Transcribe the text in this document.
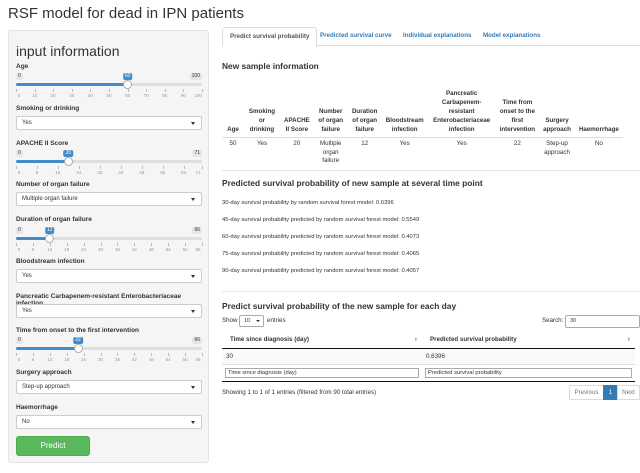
RSF model for dead in IPN patients
input information
Age
0	100
60
0	10	20	30	40	50	60	70	80	90 100
Smoking or drinking
Yes
APACHE II Score
0	71
20
0	8	16	24	32	40	48	56	64 71
Number of organ failure
Multiple organ failure
Duration of organ failure
0	66
12
0	6	12	18	24	30	36	42	48	54	60 66
Bloodstream infection
Yes
Pancreatic Carbapenem-resistant Enterobacteriaceae
Yes
Time from onset to the first intervention
0	66
22
0	6	12	18	24	30	36	42	48	54	60 66
Surgery approach
Step-up approach
Haemorrhage
No
Predict
Predict survival probability	Predicted survival curve	Individual explanations	Model explanations
New sample information
Age	Smoking or drinking	APACHE II Score	Number of organ failure	Duration of organ failure	Bloodstream infection	Pancreatic Carbapenem-resistant Enterobacteriaceae infection	Time from onset to the first intervention	Surgery approach	Haemorrhage
50	Yes	20	Multiple organ failure	12	Yes	Yes	22	Step-up approach	No
Predicted survival probability of new sample at several time point
30-day survival probability by random survival forest model: 0.6396
45-day survival probability predicted by random survival forest model: 0.5549
60-day survival probability predicted by random survival forest model: 0.4073
75-day survival probability predicted by random survival forest model: 0.4065
90-day survival probability predicted by random survival forest model: 0.4057
Predict survival probability of the new sample for each day
Show	10	entries	Search:	30
Time since diagnosis (day) ⬍	Predicted survival probability ⬍

30	0.6396

Time since diagnosis (day)	Predicted survival probability
Showing 1 to 1 of 1 entries (filtered from 90 total entries)	Previous	1	Next
